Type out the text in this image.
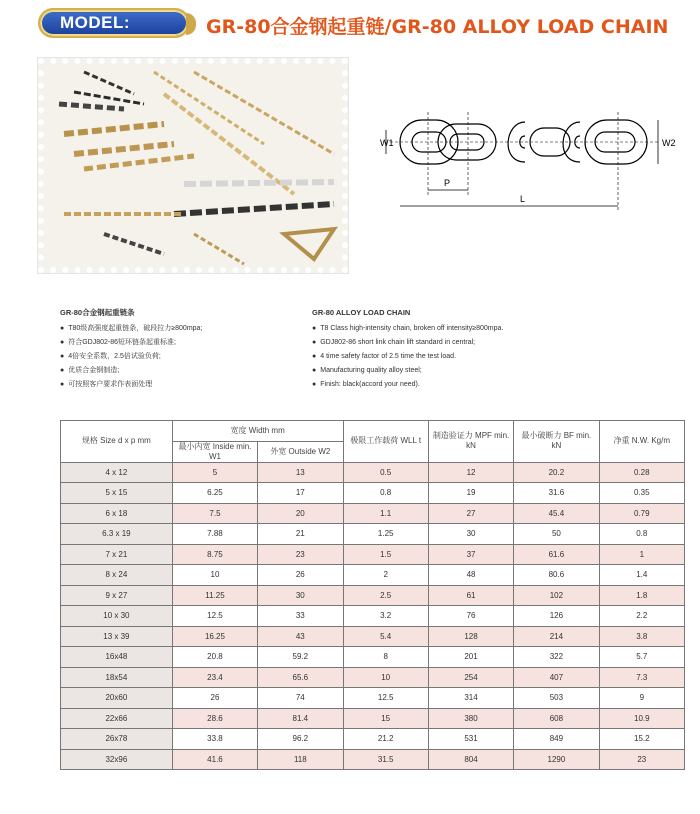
MODEL:	GR-80合金钢起重链/GR-80 ALLOY LOAD CHAIN
W1	W2
P
L
GR-80合金钢起重链条
● T80级高强度起重链条，破段拉力≥800mpa;
● 符合GDJ802-86短环链条起重标准;
● 4倍安全系数，2.5倍试验负荷;
● 优质合金钢制造;
● 可按照客户要求作表面处理
GR-80 ALLOY LOAD CHAIN
● T8 Class high-intensity chain, broken off intensity≥800mpa.
● GDJ802-86 short link chain lift standard in central;
● 4 time safety factor of 2.5 time the test load.
● Manufacturing quality alloy steel;
● Finish: black(accord your need).
规格 Size d x p mm	宽度 Width mm		极限工作载荷 WLL t	制造验证力 MPF min. kN	最小破断力 BF min. kN	净重 N.W. Kg/m
	最小内宽 Inside min. W1	外宽 Outside W2				
4 x 12	5	13	0.5	12	20.2	0.28
5 x 15	6.25	17	0.8	19	31.6	0.35
6 x 18	7.5	20	1.1	27	45.4	0.79
6.3 x 19	7.88	21	1.25	30	50	0.8
7 x 21	8.75	23	1.5	37	61.6	1
8 x 24	10	26	2	48	80.6	1.4
9 x 27	11.25	30	2.5	61	102	1.8
10 x 30	12.5	33	3.2	76	126	2.2
13 x 39	16.25	43	5.4	128	214	3.8
16x48	20.8	59.2	8	201	322	5.7
18x54	23.4	65.6	10	254	407	7.3
20x60	26	74	12.5	314	503	9
22x66	28.6	81.4	15	380	608	10.9
26x78	33.8	96.2	21.2	531	849	15.2
32x96	41.6	118	31.5	804	1290	23
